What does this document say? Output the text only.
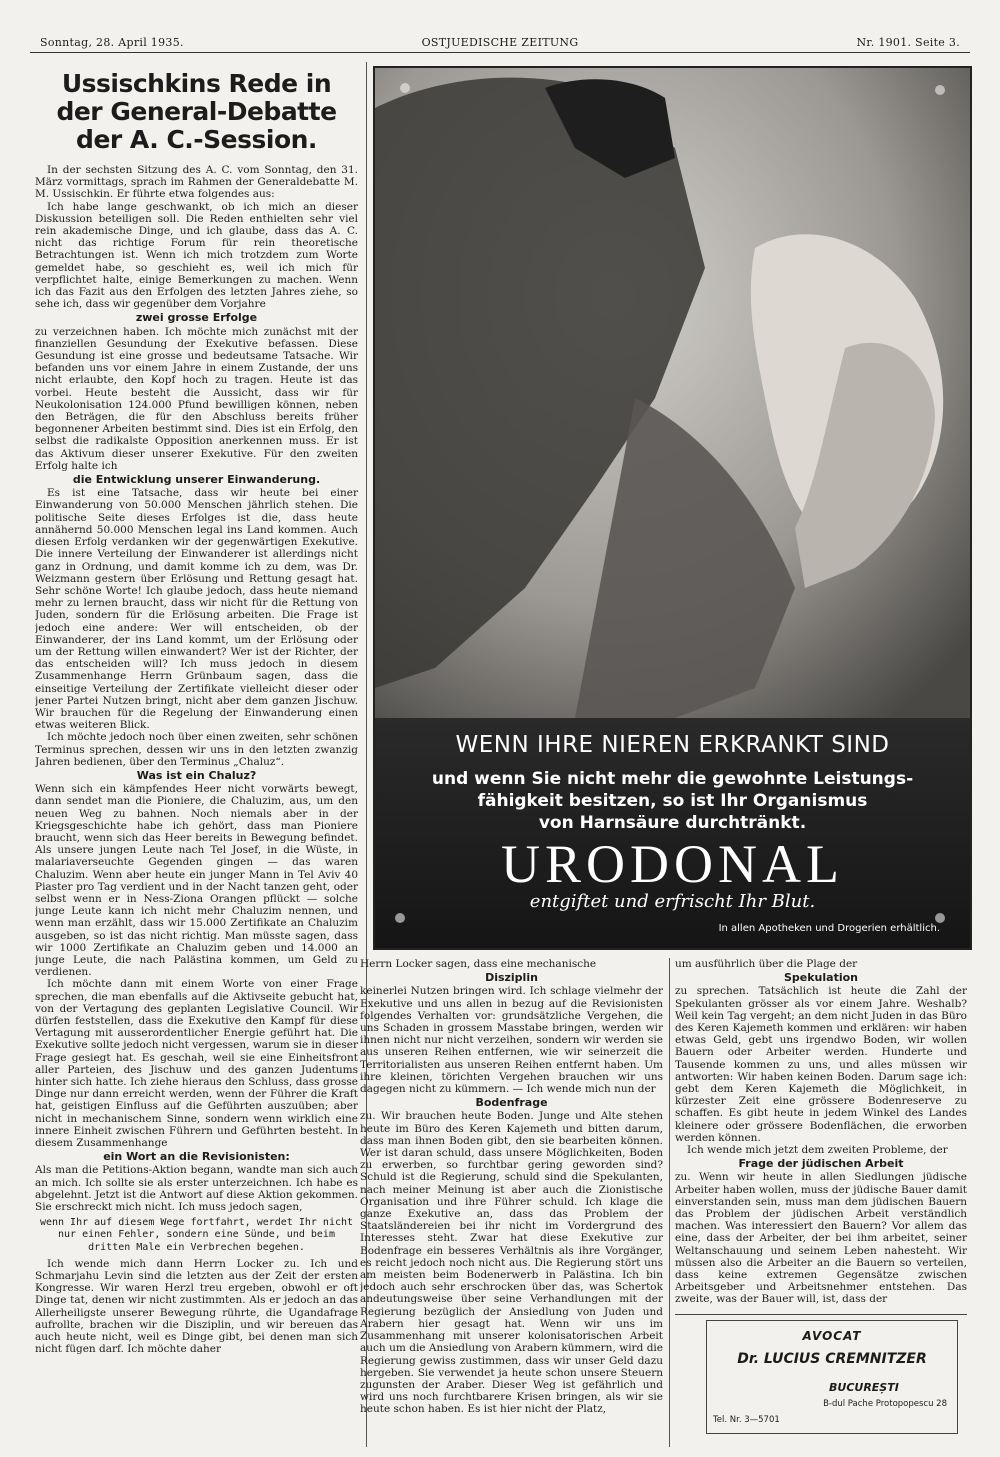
Sonntag, 28. April 1935.	OSTJUEDISCHE ZEITUNG	Nr. 1901. Seite 3.
Ussischkins Rede in der General-Debatte der A. C.-Session.

In der sechsten Sitzung des A. C. vom Sonntag, den 31. März vormittags, sprach im Rahmen der Generaldebatte M. M. Ussischkin. Er führte etwa folgendes aus:

Ich habe lange geschwankt, ob ich mich an dieser Diskussion beteiligen soll. Die Reden enthielten sehr viel rein akademische Dinge, und ich glaube, dass das A. C. nicht das richtige Forum für rein theoretische Betrachtungen ist. Wenn ich mich trotzdem zum Worte gemeldet habe, so geschieht es, weil ich mich für verpflichtet halte, einige Bemerkungen zu machen. Wenn ich das Fazit aus den Erfolgen des letzten Jahres ziehe, so sehe ich, dass wir gegenüber dem Vorjahre

zwei grosse Erfolge

zu verzeichnen haben. Ich möchte mich zunächst mit der finanziellen Gesundung der Exekutive befassen. Diese Gesundung ist eine grosse und bedeutsame Tatsache. Wir befanden uns vor einem Jahre in einem Zustande, der uns nicht erlaubte, den Kopf hoch zu tragen. Heute ist das vorbei. Heute besteht die Aussicht, dass wir für Neukolonisation 124.000 Pfund bewilligen können, neben den Beträgen, die für den Abschluss bereits früher begonnener Arbeiten bestimmt sind. Dies ist ein Erfolg, den selbst die radikalste Opposition anerkennen muss. Er ist das Aktivum dieser unserer Exekutive. Für den zweiten Erfolg halte ich

die Entwicklung unserer Einwanderung.

Es ist eine Tatsache, dass wir heute bei einer Einwanderung von 50.000 Menschen jährlich stehen. Die politische Seite dieses Erfolges ist die, dass heute annähernd 50.000 Menschen legal ins Land kommen. Auch diesen Erfolg verdanken wir der gegenwärtigen Exekutive. Die innere Verteilung der Einwanderer ist allerdings nicht ganz in Ordnung, und damit komme ich zu dem, was Dr. Weizmann gestern über Erlösung und Rettung gesagt hat. Sehr schöne Worte! Ich glaube jedoch, dass heute niemand mehr zu lernen braucht, dass wir nicht für die Rettung von Juden, sondern für die Erlösung arbeiten. Die Frage ist jedoch eine andere: Wer will entscheiden, ob der Einwanderer, der ins Land kommt, um der Erlösung oder um der Rettung willen einwandert? Wer ist der Richter, der das entscheiden will? Ich muss jedoch in diesem Zusammenhange Herrn Grünbaum sagen, dass die einseitige Verteilung der Zertifikate vielleicht dieser oder jener Partei Nutzen bringt, nicht aber dem ganzen Jischuw. Wir brauchen für die Regelung der Einwanderung einen etwas weiteren Blick.

Ich möchte jedoch noch über einen zweiten, sehr schönen Terminus sprechen, dessen wir uns in den letzten zwanzig Jahren bedienen, über den Terminus „Chaluz“.

Was ist ein Chaluz?

Wenn sich ein kämpfendes Heer nicht vorwärts bewegt, dann sendet man die Pioniere, die Chaluzim, aus, um den neuen Weg zu bahnen. Noch niemals aber in der Kriegsgeschichte habe ich gehört, dass man Pioniere braucht, wenn sich das Heer bereits in Bewegung befindet. Als unsere jungen Leute nach Tel Josef, in die Wüste, in malariaverseuchte Gegenden gingen — das waren Chaluzim. Wenn aber heute ein junger Mann in Tel Aviv 40 Piaster pro Tag verdient und in der Nacht tanzen geht, oder selbst wenn er in Ness-Ziona Orangen pflückt — solche junge Leute kann ich nicht mehr Chaluzim nennen, und wenn man erzählt, dass wir 15.000 Zertifikate an Chaluzim ausgeben, so ist das nicht richtig. Man müsste sagen, dass wir 1000 Zertifikate an Chaluzim geben und 14.000 an junge Leute, die nach Palästina kommen, um Geld zu verdienen.

Ich möchte dann mit einem Worte von einer Frage sprechen, die man ebenfalls auf die Aktivseite gebucht hat, von der Vertagung des geplanten Legislative Council. Wir dürfen feststellen, dass die Exekutive den Kampf für diese Vertagung mit ausserordentlicher Energie geführt hat. Die Exekutive sollte jedoch nicht vergessen, warum sie in dieser Frage gesiegt hat. Es geschah, weil sie eine Einheitsfront aller Parteien, des Jischuw und des ganzen Judentums hinter sich hatte. Ich ziehe hieraus den Schluss, dass grosse Dinge nur dann erreicht werden, wenn der Führer die Kraft hat, geistigen Einfluss auf die Geführten auszuüben; aber nicht in mechanischem Sinne, sondern wenn wirklich eine innere Einheit zwischen Führern und Geführten besteht. In diesem Zusammenhange

ein Wort an die Revisionisten:

Als man die Petitions-Aktion begann, wandte man sich auch an mich. Ich sollte sie als erster unterzeichnen. Ich habe es abgelehnt. Jetzt ist die Antwort auf diese Aktion gekommen. Sie erschreckt mich nicht. Ich muss jedoch sagen,

wenn Ihr auf diesem Wege fortfahrt, werdet Ihr nicht nur einen Fehler, sondern eine Sünde, und beim dritten Male ein Verbrechen begehen.

Ich wende mich dann Herrn Locker zu. Ich und Schmarjahu Levin sind die letzten aus der Zeit der ersten Kongresse. Wir waren Herzl treu ergeben, obwohl er oft Dinge tat, denen wir nicht zustimmten. Als er jedoch an das Allerheiligste unserer Bewegung rührte, die Ugandafrage aufrollte, brachen wir die Disziplin, und wir bereuen das auch heute nicht, weil es Dinge gibt, bei denen man sich nicht fügen darf. Ich möchte daher

WENN IHRE NIEREN ERKRANKT SIND
und wenn Sie nicht mehr die gewohnte Leistungs-
fähigkeit besitzen, so ist Ihr Organismus
von Harnsäure durchtränkt.
URODONAL
entgiftet und erfrischt Ihr Blut.
In allen Apotheken und Drogerien erhältlich.

Herrn Locker sagen, dass eine mechanische

Disziplin

keinerlei Nutzen bringen wird. Ich schlage vielmehr der Exekutive und uns allen in bezug auf die Revisionisten folgendes Verhalten vor: grundsätzliche Vergehen, die uns Schaden in grossem Masstabe bringen, werden wir ihnen nicht nur nicht verzeihen, sondern wir werden sie aus unseren Reihen entfernen, wie wir seinerzeit die Territorialisten aus unseren Reihen entfernt haben. Um ihre kleinen, törichten Vergehen brauchen wir uns dagegen nicht zu kümmern. — Ich wende mich nun der

Bodenfrage

zu. Wir brauchen heute Boden. Junge und Alte stehen heute im Büro des Keren Kajemeth und bitten darum, dass man ihnen Boden gibt, den sie bearbeiten können. Wer ist daran schuld, dass unsere Möglichkeiten, Boden zu erwerben, so furchtbar gering geworden sind? Schuld ist die Regierung, schuld sind die Spekulanten, nach meiner Meinung ist aber auch die Zionistische Organisation und ihre Führer schuld. Ich klage die ganze Exekutive an, dass das Problem der Staatsländereien bei ihr nicht im Vordergrund des Interesses steht. Zwar hat diese Exekutive zur Bodenfrage ein besseres Verhältnis als ihre Vorgänger, es reicht jedoch noch nicht aus. Die Regierung stört uns am meisten beim Bodenerwerb in Palästina. Ich bin jedoch auch sehr erschrocken über das, was Schertok andeutungsweise über seine Verhandlungen mit der Regierung bezüglich der Ansiedlung von Juden und Arabern hier gesagt hat. Wenn wir uns im Zusammenhang mit unserer kolonisatorischen Arbeit auch um die Ansiedlung von Arabern kümmern, wird die Regierung gewiss zustimmen, dass wir unser Geld dazu hergeben. Sie verwendet ja heute schon unsere Steuern zugunsten der Araber. Dieser Weg ist gefährlich und wird uns noch furchtbarere Krisen bringen, als wir sie heute schon haben. Es ist hier nicht der Platz,

um ausführlich über die Plage der

Spekulation

zu sprechen. Tatsächlich ist heute die Zahl der Spekulanten grösser als vor einem Jahre. Weshalb? Weil kein Tag vergeht; an dem nicht Juden in das Büro des Keren Kajemeth kommen und erklären: wir haben etwas Geld, gebt uns irgendwo Boden, wir wollen Bauern oder Arbeiter werden. Hunderte und Tausende kommen zu uns, und alles müssen wir antworten: Wir haben keinen Boden. Darum sage ich: gebt dem Keren Kajemeth die Möglichkeit, in kürzester Zeit eine grössere Bodenreserve zu schaffen. Es gibt heute in jedem Winkel des Landes kleinere oder grössere Bodenflächen, die erworben werden können.

Ich wende mich jetzt dem zweiten Probleme, der

Frage der jüdischen Arbeit

zu. Wenn wir heute in allen Siedlungen jüdische Arbeiter haben wollen, muss der jüdische Bauer damit einverstanden sein, muss man dem jüdischen Bauern das Problem der jüdischen Arbeit verständlich machen. Was interessiert den Bauern? Vor allem das eine, dass der Arbeiter, der bei ihm arbeitet, seiner Weltanschauung und seinem Leben nahesteht. Wir müssen also die Arbeiter an die Bauern so verteilen, dass keine extremen Gegensätze zwischen Arbeitsgeber und Arbeitsnehmer entstehen. Das zweite, was der Bauer will, ist, dass der

AVOCAT
Dr. LUCIUS CREMNITZER
BUCUREȘTI
B-dul Pache Protopopescu 28
Tel. Nr. 3—5701
